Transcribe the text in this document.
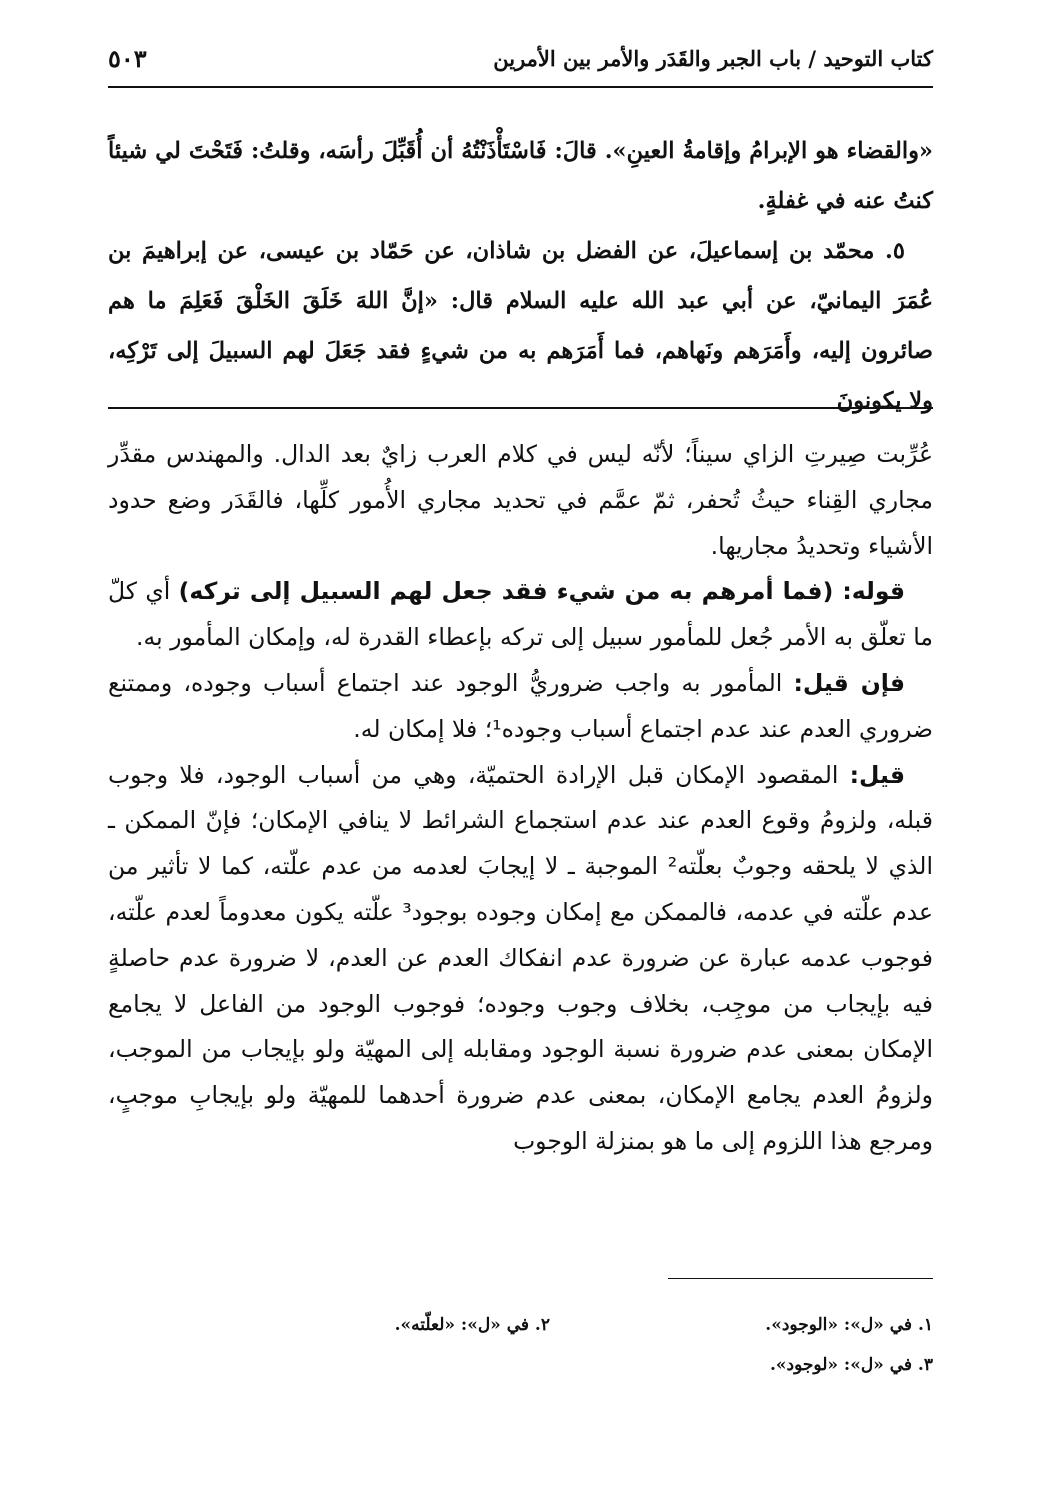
كتاب التوحيد / باب الجبر والقَدَر والأمر بين الأمرين
٥٠٣

«والقضاء هو الإبرامُ وإقامةُ العينِ». قالَ: فَاسْتَأْذَنْتُهُ أن أُقَبِّلَ رأسَه، وقلتُ: فَتَحْتَ لي شيئاً كنتُ عنه في غفلةٍ.

٥. محمّد بن إسماعيلَ، عن الفضل بن شاذان، عن حَمّاد بن عيسى، عن إبراهيمَ بن عُمَرَ اليمانيّ، عن أبي عبد الله عليه السلام قال: «إنَّ اللهَ خَلَقَ الخَلْقَ فَعَلِمَ ما هم صائرون إليه، وأَمَرَهم ونَهاهم، فما أَمَرَهم به من شيءٍ فقد جَعَلَ لهم السبيلَ إلى تَرْكِه، ولا يكونونَ

عُرِّبت صِيرتِ الزاي سيناً؛ لأنّه ليس في كلام العرب زايٌ بعد الدال. والمهندس مقدِّر مجاري القِناء حيثُ تُحفر، ثمّ عمَّم في تحديد مجاري الأُمور كلِّها، فالقَدَر وضع حدود الأشياء وتحديدُ مجاريها.

قوله: (فما أمرهم به من شيء فقد جعل لهم السبيل إلى تركه) أي كلّ ما تعلّق به الأمر جُعل للمأمور سبيل إلى تركه بإعطاء القدرة له، وإمكان المأمور به.

فإن قيل: المأمور به واجب ضروريُّ الوجود عند اجتماع أسباب وجوده، وممتنع ضروري العدم عند عدم اجتماع أسباب وجوده¹؛ فلا إمكان له.

قيل: المقصود الإمكان قبل الإرادة الحتميّة، وهي من أسباب الوجود، فلا وجوب قبله، ولزومُ وقوع العدم عند عدم استجماع الشرائط لا ينافي الإمكان؛ فإنّ الممكن ـ الذي لا يلحقه وجوبٌ بعلّته² الموجبة ـ لا إيجابَ لعدمه من عدم علّته، كما لا تأثير من عدم علّته في عدمه، فالممكن مع إمكان وجوده بوجود³ علّته يكون معدوماً لعدم علّته، فوجوب عدمه عبارة عن ضرورة عدم انفكاك العدم عن العدم، لا ضرورة عدم حاصلةٍ فيه بإيجاب من موجِب، بخلاف وجوب وجوده؛ فوجوب الوجود من الفاعل لا يجامع الإمكان بمعنى عدم ضرورة نسبة الوجود ومقابله إلى المهيّة ولو بإيجاب من الموجب، ولزومُ العدم يجامع الإمكان، بمعنى عدم ضرورة أحدهما للمهيّة ولو بإيجابِ موجبٍ، ومرجع هذا اللزوم إلى ما هو بمنزلة الوجوب

١. في «ل»: «الوجود».
٢. في «ل»: «لعلّته».
٣. في «ل»: «لوجود».
